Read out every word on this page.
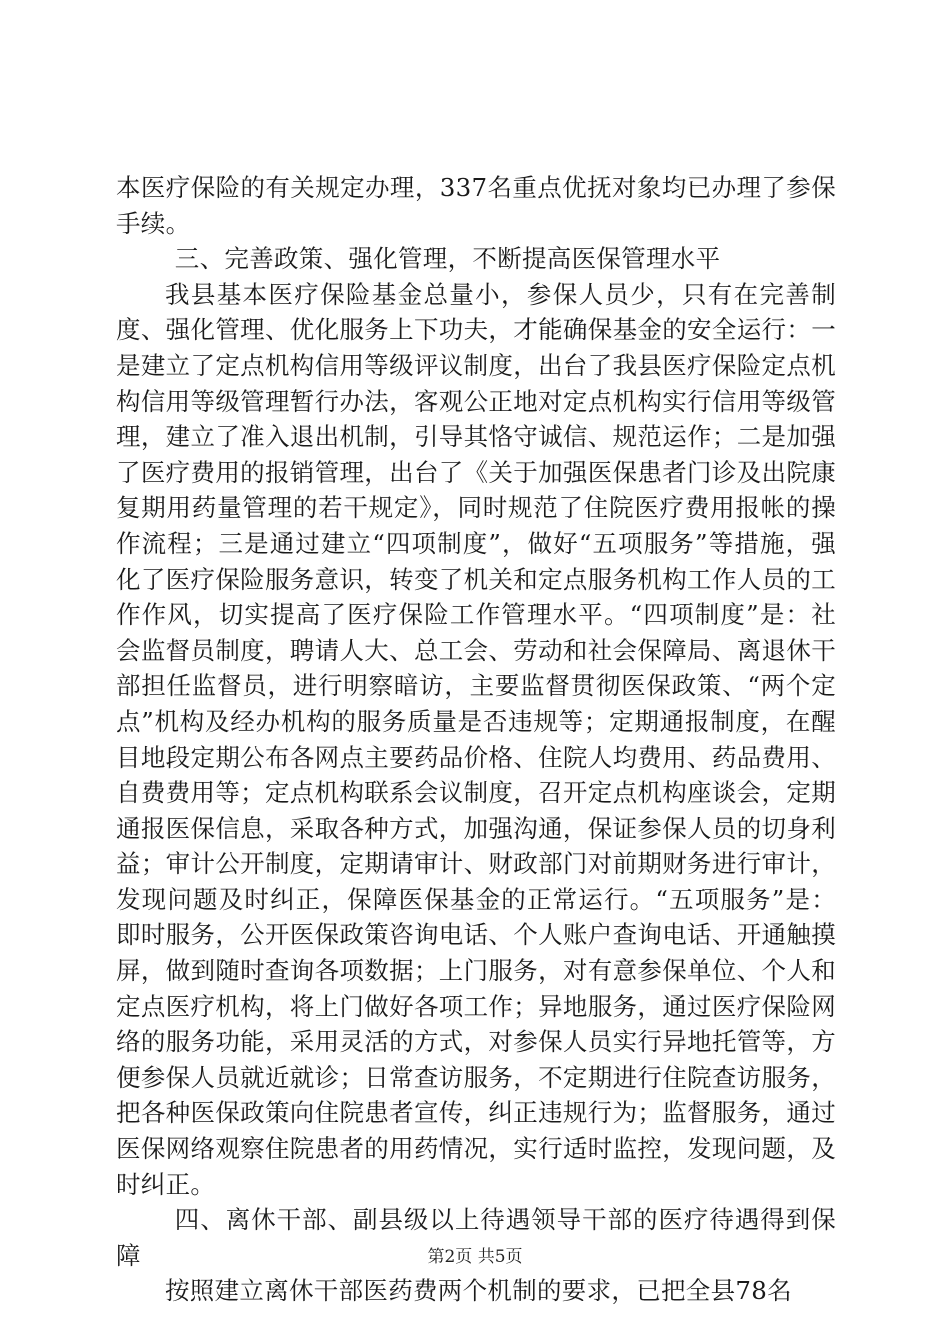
本医疗保险的有关规定办理，337名重点优抚对象均已办理了参保手续。

三、完善政策、强化管理，不断提高医保管理水平

我县基本医疗保险基金总量小，参保人员少，只有在完善制度、强化管理、优化服务上下功夫，才能确保基金的安全运行：一是建立了定点机构信用等级评议制度，出台了我县医疗保险定点机构信用等级管理暂行办法，客观公正地对定点机构实行信用等级管理，建立了准入退出机制，引导其恪守诚信、规范运作；二是加强了医疗费用的报销管理，出台了《关于加强医保患者门诊及出院康复期用药量管理的若干规定》，同时规范了住院医疗费用报帐的操作流程；三是通过建立“四项制度”，做好“五项服务”等措施，强化了医疗保险服务意识，转变了机关和定点服务机构工作人员的工作作风，切实提高了医疗保险工作管理水平。“四项制度”是：社会监督员制度，聘请人大、总工会、劳动和社会保障局、离退休干部担任监督员，进行明察暗访，主要监督贯彻医保政策、“两个定点”机构及经办机构的服务质量是否违规等；定期通报制度，在醒目地段定期公布各网点主要药品价格、住院人均费用、药品费用、自费费用等；定点机构联系会议制度，召开定点机构座谈会，定期通报医保信息，采取各种方式，加强沟通，保证参保人员的切身利益；审计公开制度，定期请审计、财政部门对前期财务进行审计，发现问题及时纠正，保障医保基金的正常运行。“五项服务”是：即时服务，公开医保政策咨询电话、个人账户查询电话、开通触摸屏，做到随时查询各项数据；上门服务，对有意参保单位、个人和定点医疗机构，将上门做好各项工作；异地服务，通过医疗保险网络的服务功能，采用灵活的方式，对参保人员实行异地托管等，方便参保人员就近就诊；日常查访服务，不定期进行住院查访服务，把各种医保政策向住院患者宣传，纠正违规行为；监督服务，通过医保网络观察住院患者的用药情况，实行适时监控，发现问题，及时纠正。

四、离休干部、副县级以上待遇领导干部的医疗待遇得到保障

按照建立离休干部医药费两个机制的要求，已把全县78名

第2页 共5页
